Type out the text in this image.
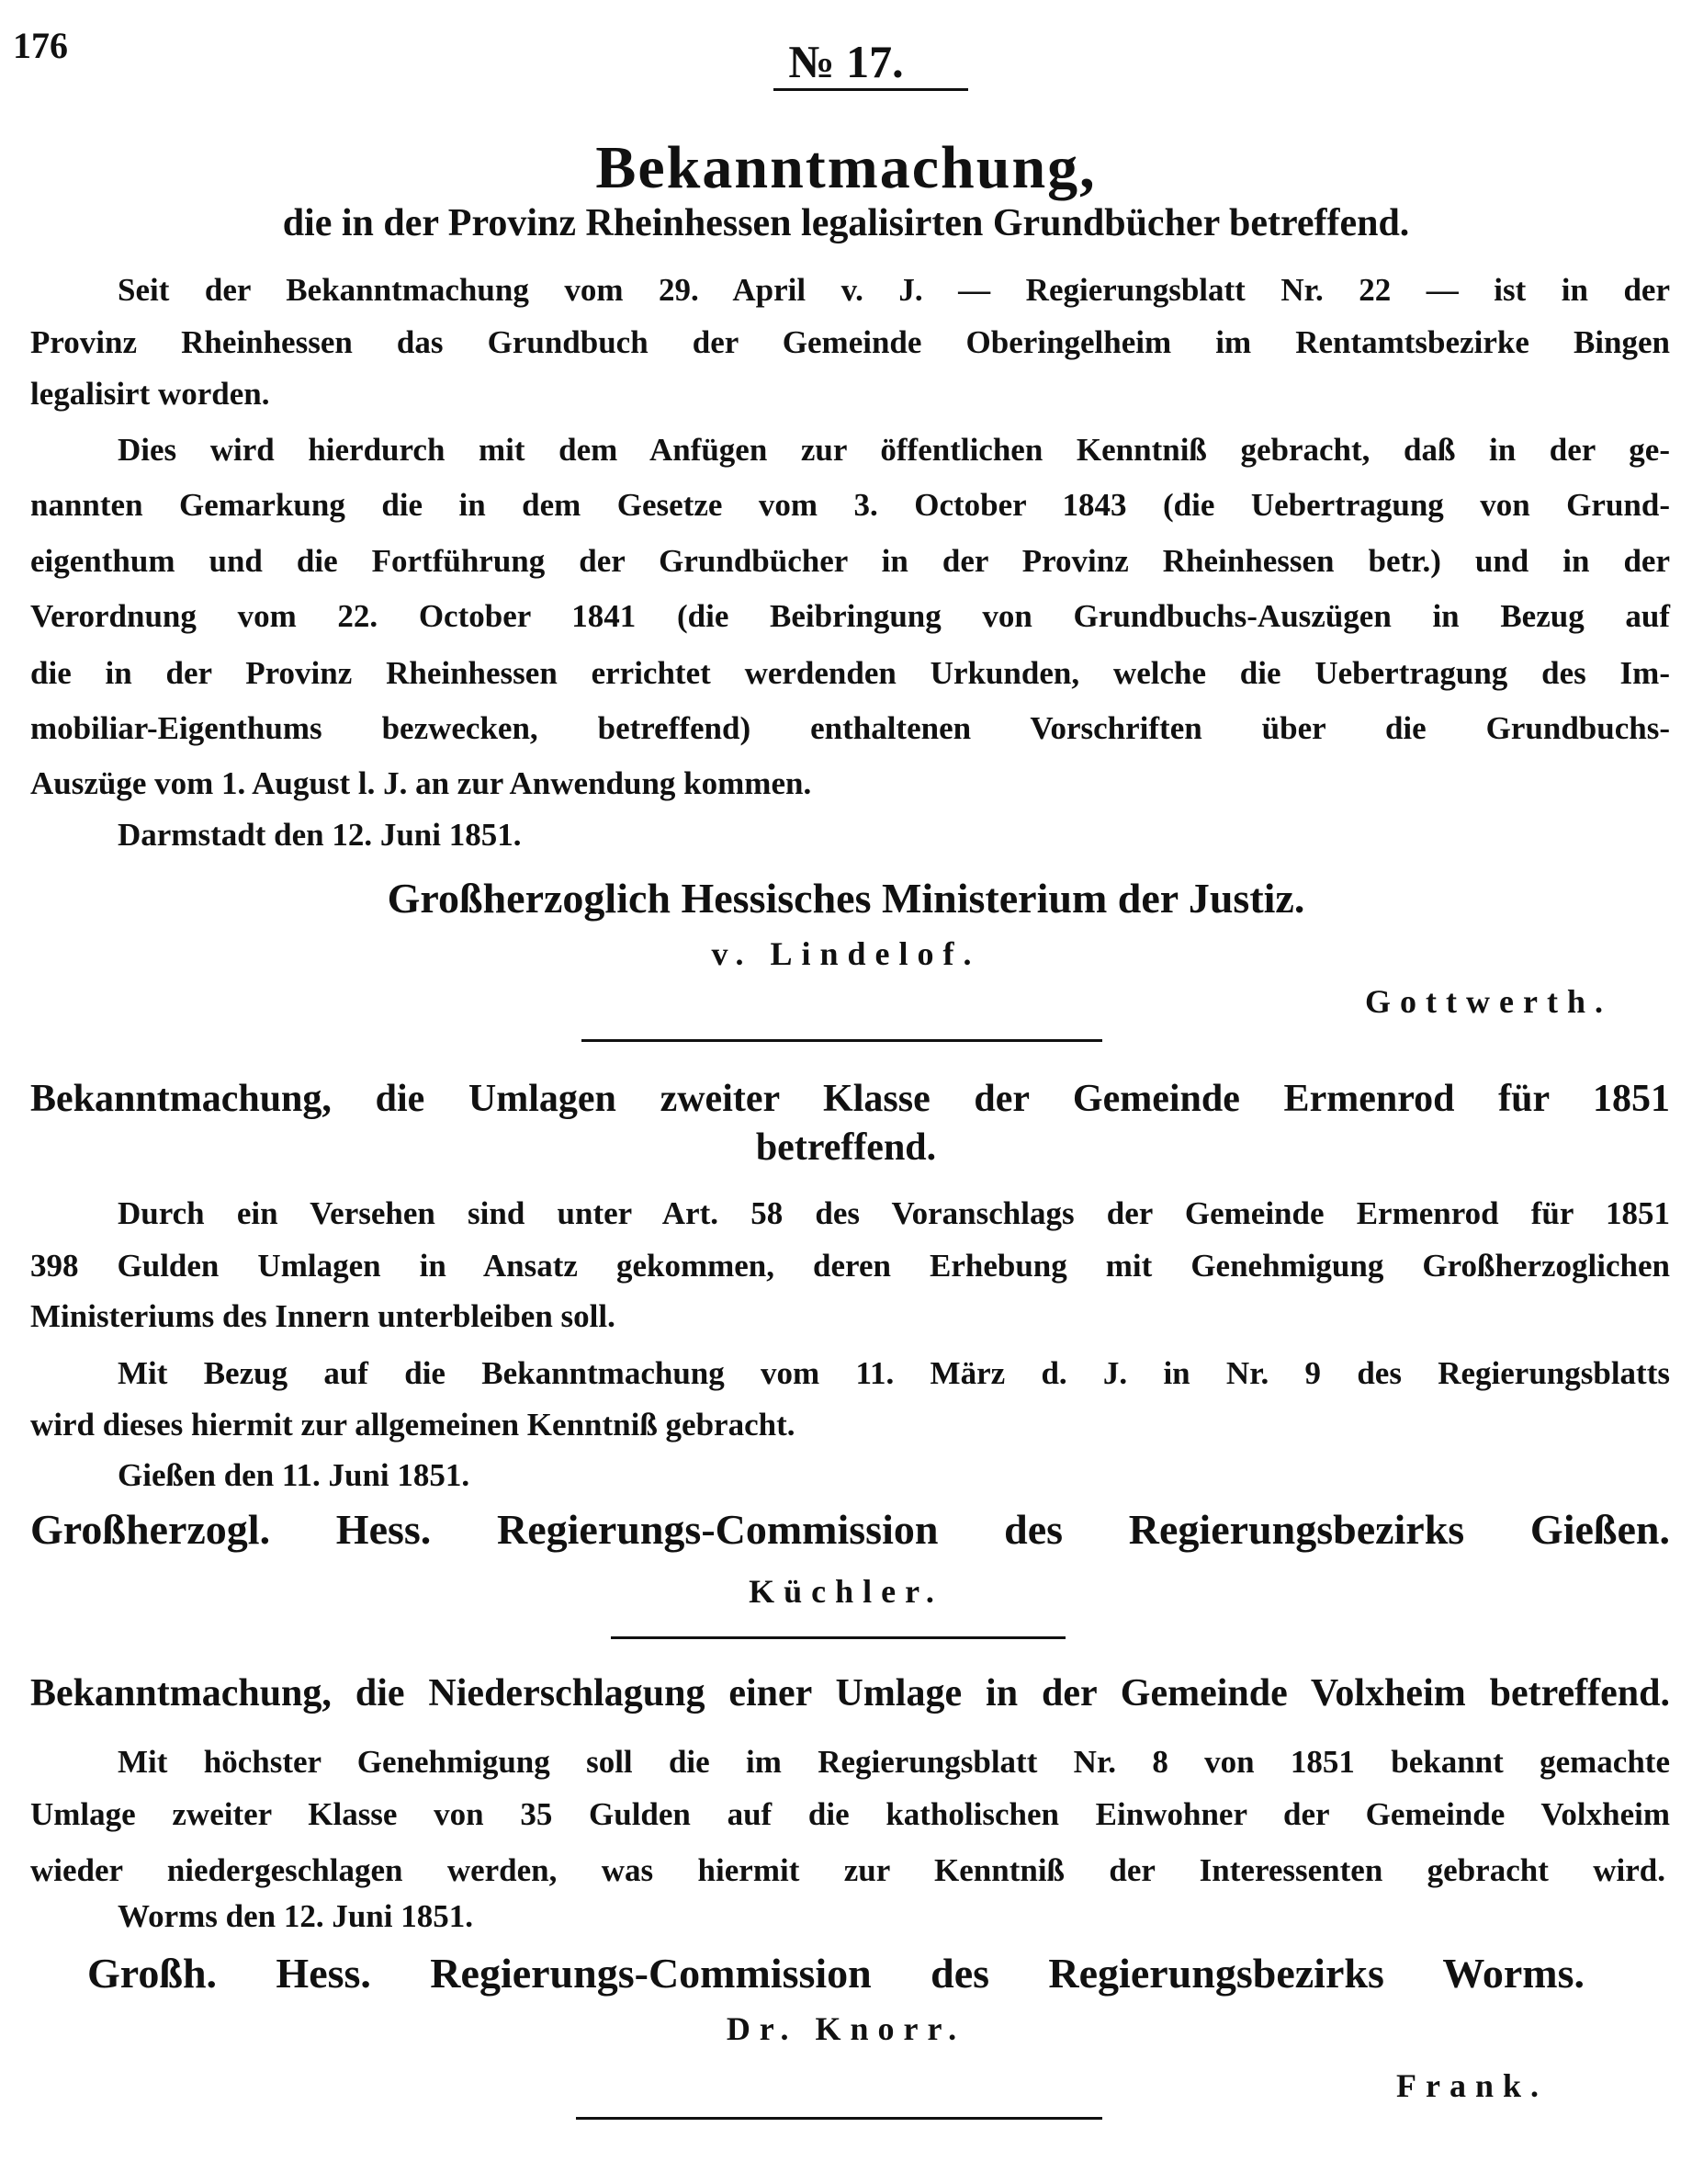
176	№ 17.
Bekanntmachung,
die in der Provinz Rheinhessen legalisirten Grundbücher betreffend.
Seit der Bekanntmachung vom 29. April v. J. — Regierungsblatt Nr. 22 — ist in der
Provinz Rheinhessen das Grundbuch der Gemeinde Oberingelheim im Rentamtsbezirke Bingen
legalisirt worden.
Dies wird hierdurch mit dem Anfügen zur öffentlichen Kenntniß gebracht, daß in der ge-
nannten Gemarkung die in dem Gesetze vom 3. October 1843 (die Uebertragung von Grund-
eigenthum und die Fortführung der Grundbücher in der Provinz Rheinhessen betr.) und in der
Verordnung vom 22. October 1841 (die Beibringung von Grundbuchs-Auszügen in Bezug auf
die in der Provinz Rheinhessen errichtet werdenden Urkunden, welche die Uebertragung des Im-
mobiliar-Eigenthums bezwecken, betreffend) enthaltenen Vorschriften über die Grundbuchs-
Auszüge vom 1. August l. J. an zur Anwendung kommen.
Darmstadt den 12. Juni 1851.
Großherzoglich Hessisches Ministerium der Justiz.
v. Lindelof.
Gottwerth.
Bekanntmachung, die Umlagen zweiter Klasse der Gemeinde Ermenrod für 1851
betreffend.
Durch ein Versehen sind unter Art. 58 des Voranschlags der Gemeinde Ermenrod für 1851
398 Gulden Umlagen in Ansatz gekommen, deren Erhebung mit Genehmigung Großherzoglichen
Ministeriums des Innern unterbleiben soll.
Mit Bezug auf die Bekanntmachung vom 11. März d. J. in Nr. 9 des Regierungsblatts
wird dieses hiermit zur allgemeinen Kenntniß gebracht.
Gießen den 11. Juni 1851.
Großherzogl. Hess. Regierungs-Commission des Regierungsbezirks Gießen.
Küchler.
Bekanntmachung, die Niederschlagung einer Umlage in der Gemeinde Volxheim betreffend.
Mit höchster Genehmigung soll die im Regierungsblatt Nr. 8 von 1851 bekannt gemachte
Umlage zweiter Klasse von 35 Gulden auf die katholischen Einwohner der Gemeinde Volxheim
wieder niedergeschlagen werden, was hiermit zur Kenntniß der Interessenten gebracht wird.
Worms den 12. Juni 1851.
Großh. Hess. Regierungs-Commission des Regierungsbezirks Worms.
Dr. Knorr.
Frank.
